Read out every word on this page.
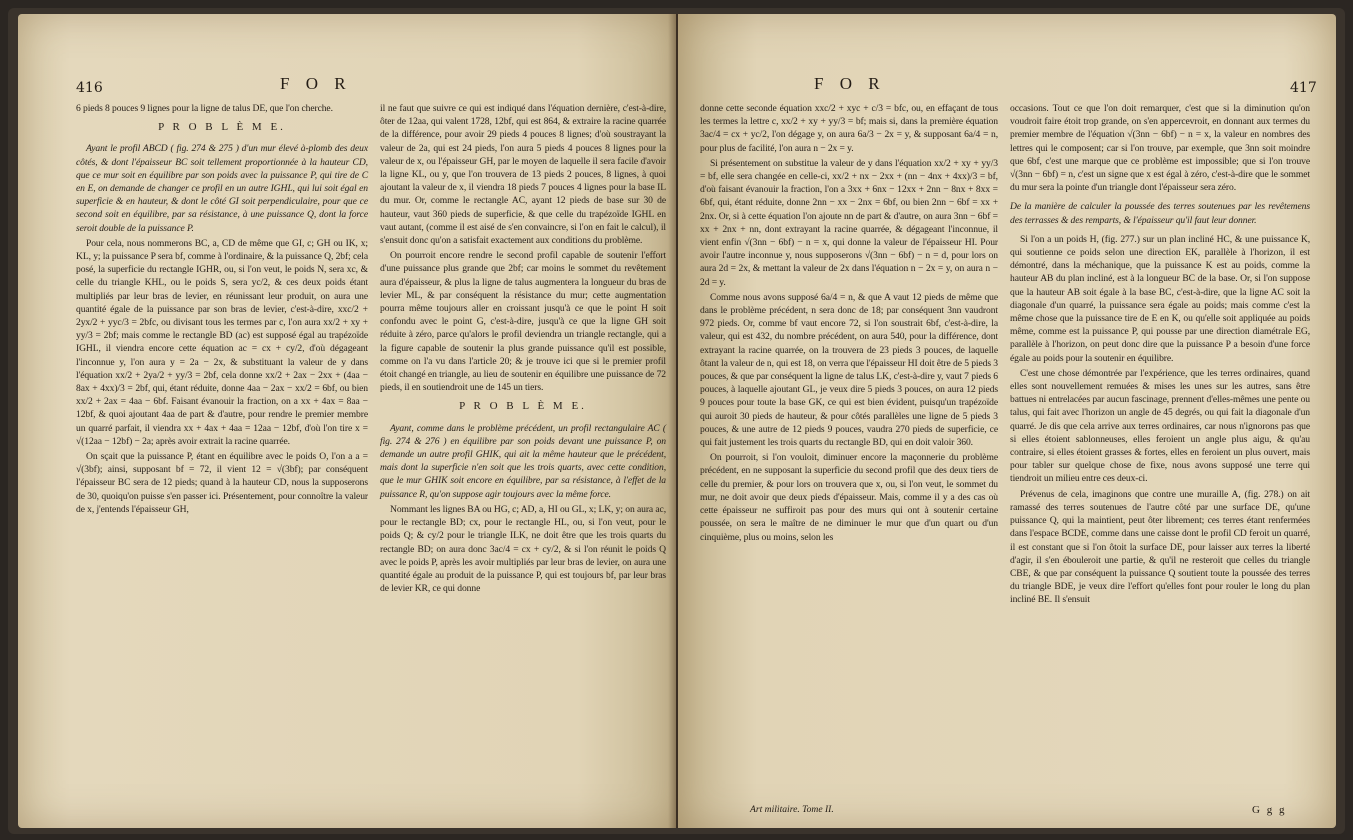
416	F O R

6 pieds 8 pouces 9 lignes pour la ligne de talus DE, que l'on cherche.

P R O B L È M E.

Ayant le profil ABCD ( fig. 274 & 275 ) d'un mur élevé à-plomb des deux côtés, & dont l'épaisseur BC soit tellement proportionnée à la hauteur CD, que ce mur soit en équilibre par son poids avec la puissance P, qui tire de C en E, on demande de changer ce profil en un autre IGHL, qui lui soit égal en superficie & en hauteur, & dont le côté GI soit perpendiculaire, pour que ce second soit en équilibre, par sa résistance, à une puissance Q, dont la force seroit double de la puissance P.

Pour cela, nous nommerons BC, a, CD de même que GI, c; GH ou IK, x; KL, y; la puissance P sera bf, comme à l'ordinaire, & la puissance Q, 2bf; cela posé, la superficie du rectangle IGHR, ou, si l'on veut, le poids N, sera xc, & celle du triangle KHL, ou le poids S, sera yc/2, & ces deux poids étant multipliés par leur bras de levier, en réunissant leur produit, on aura une quantité égale de la puissance par son bras de levier, c'est-à-dire, xxc/2 + 2yx/2 + yyc/3 = 2bfc, ou divisant tous les termes par c, l'on aura xx/2 + xy + yy/3 = 2bf; mais comme le rectangle BD (ac) est supposé égal au trapézoïde IGHL, il viendra encore cette équation ac = cx + cy/2, d'où dégageant l'inconnue y, l'on aura y = 2a − 2x, & substituant la valeur de y dans l'équation xx/2 + 2ya/2 + yy/3 = 2bf, cela donne xx/2 + 2ax − 2xx + (4aa − 8ax + 4xx)/3 = 2bf, qui, étant réduite, donne 4aa − 2ax − xx/2 = 6bf, ou bien xx/2 + 2ax = 4aa − 6bf. Faisant évanouir la fraction, on a xx + 4ax = 8aa − 12bf, & quoi ajoutant 4aa de part & d'autre, pour rendre le premier membre un quarré parfait, il viendra xx + 4ax + 4aa = 12aa − 12bf, d'où l'on tire x = √(12aa − 12bf) − 2a; après avoir extrait la racine quarrée.

On sçait que la puissance P, étant en équilibre avec le poids O, l'on a a = √(3bf); ainsi, supposant bf = 72, il vient 12 = √(3bf); par conséquent l'épaisseur BC sera de 12 pieds; quand à la hauteur CD, nous la supposerons de 30, quoiqu'on puisse s'en passer ici. Présentement, pour connoître la valeur de x, j'entends l'épaisseur GH,

il ne faut que suivre ce qui est indiqué dans l'équation dernière, c'est-à-dire, ôter de 12aa, qui valent 1728, 12bf, qui est 864, & extraire la racine quarrée de la différence, pour avoir 29 pieds 4 pouces 8 lignes; d'où soustrayant la valeur de 2a, qui est 24 pieds, l'on aura 5 pieds 4 pouces 8 lignes pour la valeur de x, ou l'épaisseur GH, par le moyen de laquelle il sera facile d'avoir la ligne KL, ou y, que l'on trouvera de 13 pieds 2 pouces, 8 lignes, à quoi ajoutant la valeur de x, il viendra 18 pieds 7 pouces 4 lignes pour la base IL du mur. Or, comme le rectangle AC, ayant 12 pieds de base sur 30 de hauteur, vaut 360 pieds de superficie, & que celle du trapézoïde IGHL en vaut autant, (comme il est aisé de s'en convaincre, si l'on en fait le calcul), il s'ensuit donc qu'on a satisfait exactement aux conditions du problème.

On pourroit encore rendre le second profil capable de soutenir l'effort d'une puissance plus grande que 2bf; car moins le sommet du revêtement aura d'épaisseur, & plus la ligne de talus augmentera la longueur du bras de levier ML, & par conséquent la résistance du mur; cette augmentation pourra même toujours aller en croissant jusqu'à ce que le point H soit confondu avec le point G, c'est-à-dire, jusqu'à ce que la ligne GH soit réduite à zéro, parce qu'alors le profil deviendra un triangle rectangle, qui a la figure capable de soutenir la plus grande puissance qu'il est possible, comme on l'a vu dans l'article 20; & je trouve ici que si le premier profil étoit changé en triangle, au lieu de soutenir en équilibre une puissance de 72 pieds, il en soutiendroit une de 145 un tiers.

P R O B L È M E.

Ayant, comme dans le problème précédent, un profil rectangulaire AC ( fig. 274 & 276 ) en équilibre par son poids devant une puissance P, on demande un autre profil GHIK, qui ait la même hauteur que le précédent, mais dont la superficie n'en soit que les trois quarts, avec cette condition, que le mur GHIK soit encore en équilibre, par sa résistance, à l'effet de la puissance R, qu'on suppose agir toujours avec la même force.

Nommant les lignes BA ou HG, c; AD, a, HI ou GL, x; LK, y; on aura ac, pour le rectangle BD; cx, pour le rectangle HL, ou, si l'on veut, pour le poids Q; & cy/2 pour le triangle ILK, ne doit être que les trois quarts du rectangle BD; on aura donc 3ac/4 = cx + cy/2, & si l'on réunit le poids Q avec le poids P, après les avoir multipliés par leur bras de levier, on aura une quantité égale au produit de la puissance P, qui est toujours bf, par leur bras de levier KR, ce qui donne

F O R	417

donne cette seconde équation xxc/2 + xyc + c/3 = bfc, ou, en effaçant de tous les termes la lettre c, xx/2 + xy + yy/3 = bf; mais si, dans la première équation 3ac/4 = cx + yc/2, l'on dégage y, on aura 6a/3 − 2x = y, & supposant 6a/4 = n, pour plus de facilité, l'on aura n − 2x = y.

Si présentement on substitue la valeur de y dans l'équation xx/2 + xy + yy/3 = bf, elle sera changée en celle-ci, xx/2 + nx − 2xx + (nn − 4nx + 4xx)/3 = bf, d'où faisant évanouir la fraction, l'on a 3xx + 6nx − 12xx + 2nn − 8nx + 8xx = 6bf, qui, étant réduite, donne 2nn − xx − 2nx = 6bf, ou bien 2nn − 6bf = xx + 2nx. Or, si à cette équation l'on ajoute nn de part & d'autre, on aura 3nn − 6bf = xx + 2nx + nn, dont extrayant la racine quarrée, & dégageant l'inconnue, il vient enfin √(3nn − 6bf) − n = x, qui donne la valeur de l'épaisseur HI. Pour avoir l'autre inconnue y, nous supposerons √(3nn − 6bf) − n = d, pour lors on aura 2d = 2x, & mettant la valeur de 2x dans l'équation n − 2x = y, on aura n − 2d = y.

Comme nous avons supposé 6a/4 = n, & que A vaut 12 pieds de même que dans le problème précédent, n sera donc de 18; par conséquent 3nn vaudront 972 pieds. Or, comme bf vaut encore 72, si l'on soustrait 6bf, c'est-à-dire, la valeur, qui est 432, du nombre précédent, on aura 540, pour la différence, dont extrayant la racine quarrée, on la trouvera de 23 pieds 3 pouces, de laquelle ôtant la valeur de n, qui est 18, on verra que l'épaisseur HI doit être de 5 pieds 3 pouces, & que par conséquent la ligne de talus LK, c'est-à-dire y, vaut 7 pieds 6 pouces, à laquelle ajoutant GL, je veux dire 5 pieds 3 pouces, on aura 12 pieds 9 pouces pour toute la base GK, ce qui est bien évident, puisqu'un trapézoïde qui auroit 30 pieds de hauteur, & pour côtés parallèles une ligne de 5 pieds 3 pouces, & une autre de 12 pieds 9 pouces, vaudra 270 pieds de superficie, ce qui fait justement les trois quarts du rectangle BD, qui en doit valoir 360.

On pourroit, si l'on vouloit, diminuer encore la maçonnerie du problème précédent, en ne supposant la superficie du second profil que des deux tiers de celle du premier, & pour lors on trouvera que x, ou, si l'on veut, le sommet du mur, ne doit avoir que deux pieds d'épaisseur. Mais, comme il y a des cas où cette épaisseur ne suffiroit pas pour des murs qui ont à soutenir certaine poussée, on sera le maître de ne diminuer le mur que d'un quart ou d'un cinquième, plus ou moins, selon les

Art militaire. Tome II.

occasions. Tout ce que l'on doit remarquer, c'est que si la diminution qu'on voudroit faire étoit trop grande, on s'en appercevroit, en donnant aux termes du premier membre de l'équation √(3nn − 6bf) − n = x, la valeur en nombres des lettres qui le composent; car si l'on trouve, par exemple, que 3nn soit moindre que 6bf, c'est une marque que ce problème est impossible; que si l'on trouve √(3nn − 6bf) = n, c'est un signe que x est égal à zéro, c'est-à-dire que le sommet du mur sera la pointe d'un triangle dont l'épaisseur sera zéro.

De la manière de calculer la poussée des terres soutenues par les revêtemens des terrasses & des remparts, & l'épaisseur qu'il faut leur donner.

Si l'on a un poids H, (fig. 277.) sur un plan incliné HC, & une puissance K, qui soutienne ce poids selon une direction EK, parallèle à l'horizon, il est démontré, dans la méchanique, que la puissance K est au poids, comme la hauteur AB du plan incliné, est à la longueur BC de la base. Or, si l'on suppose que la hauteur AB soit égale à la base BC, c'est-à-dire, que la ligne AC soit la diagonale d'un quarré, la puissance sera égale au poids; mais comme c'est la même chose que la puissance tire de E en K, ou qu'elle soit appliquée au poids même, comme est la puissance P, qui pousse par une direction diamétrale EG, parallèle à l'horizon, on peut donc dire que la puissance P a besoin d'une force égale au poids pour la soutenir en équilibre.

C'est une chose démontrée par l'expérience, que les terres ordinaires, quand elles sont nouvellement remuées & mises les unes sur les autres, sans être battues ni entrelacées par aucun fascinage, prennent d'elles-mêmes une pente ou talus, qui fait avec l'horizon un angle de 45 degrés, ou qui fait la diagonale d'un quarré. Je dis que cela arrive aux terres ordinaires, car nous n'ignorons pas que si elles étoient sablonneuses, elles feroient un angle plus aigu, & qu'au contraire, si elles étoient grasses & fortes, elles en feroient un plus ouvert, mais pour tabler sur quelque chose de fixe, nous avons supposé une terre qui tiendroit un milieu entre ces deux-ci.

Prévenus de cela, imaginons que contre une muraille A, (fig. 278.) on ait ramassé des terres soutenues de l'autre côté par une surface DE, qu'une puissance Q, qui la maintient, peut ôter librement; ces terres étant renfermées dans l'espace BCDE, comme dans une caisse dont le profil CD feroit un quarré, il est constant que si l'on ôtoit la surface DE, pour laisser aux terres la liberté d'agir, il s'en ébouleroit une partie, & qu'il ne resteroit que celles du triangle CBE, & que par conséquent la puissance Q soutient toute la poussée des terres du triangle BDE, je veux dire l'effort qu'elles font pour rouler le long du plan incliné BE. Il s'ensuit

G g g
